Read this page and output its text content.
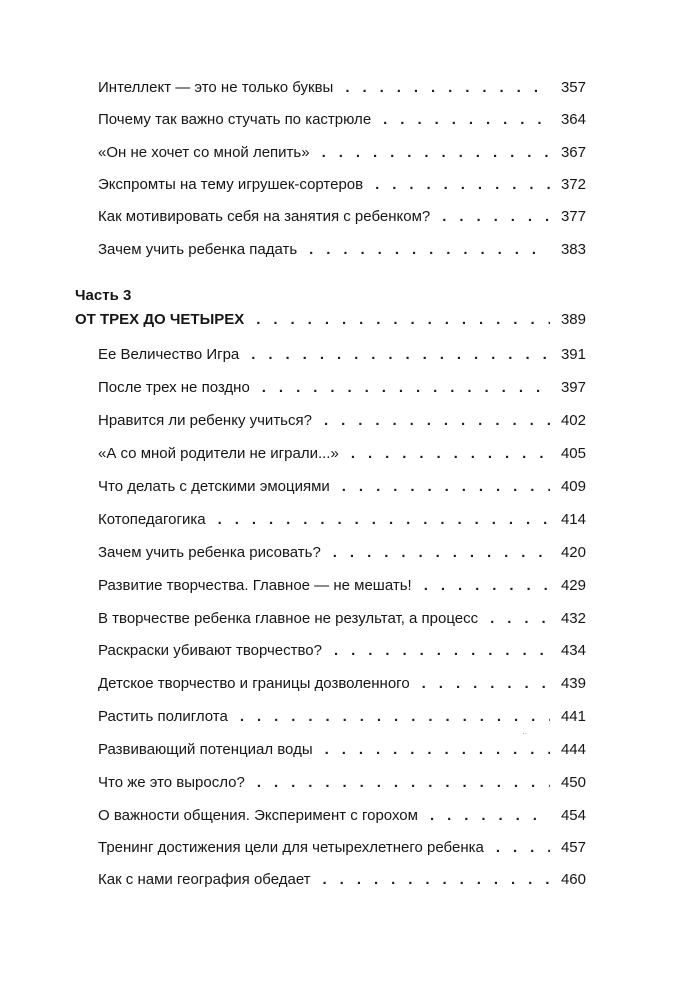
Интеллект — это не только буквы . . .	357
Почему так важно стучать по кастрюле . . .	364
«Он не хочет со мной лепить» . . .	367
Экспромты на тему игрушек-сортеров . . .	372
Как мотивировать себя на занятия с ребенком? . . .	377
Зачем учить ребенка падать . . .	383
Часть 3
ОТ ТРЕХ ДО ЧЕТЫРЕХ . . .	389
Ее Величество Игра . . .	391
После трех не поздно . . .	397
Нравится ли ребенку учиться? . . .	402
«А со мной родители не играли...» . . .	405
Что делать с детскими эмоциями . . .	409
Котопедагогика . . .	414
Зачем учить ребенка рисовать? . . .	420
Развитие творчества. Главное — не мешать! . . .	429
В творчестве ребенка главное не результат, а процесс . . .	432
Раскраски убивают творчество? . . .	434
Детское творчество и границы дозволенного . . .	439
Растить полиглота . . .	441
Развивающий потенциал воды . . .	444
Что же это выросло? . . .	450
О важности общения. Эксперимент с горохом . . .	454
Тренинг достижения цели для четырехлетнего ребенка . . .	457
Как с нами география обедает . . .	460
··
